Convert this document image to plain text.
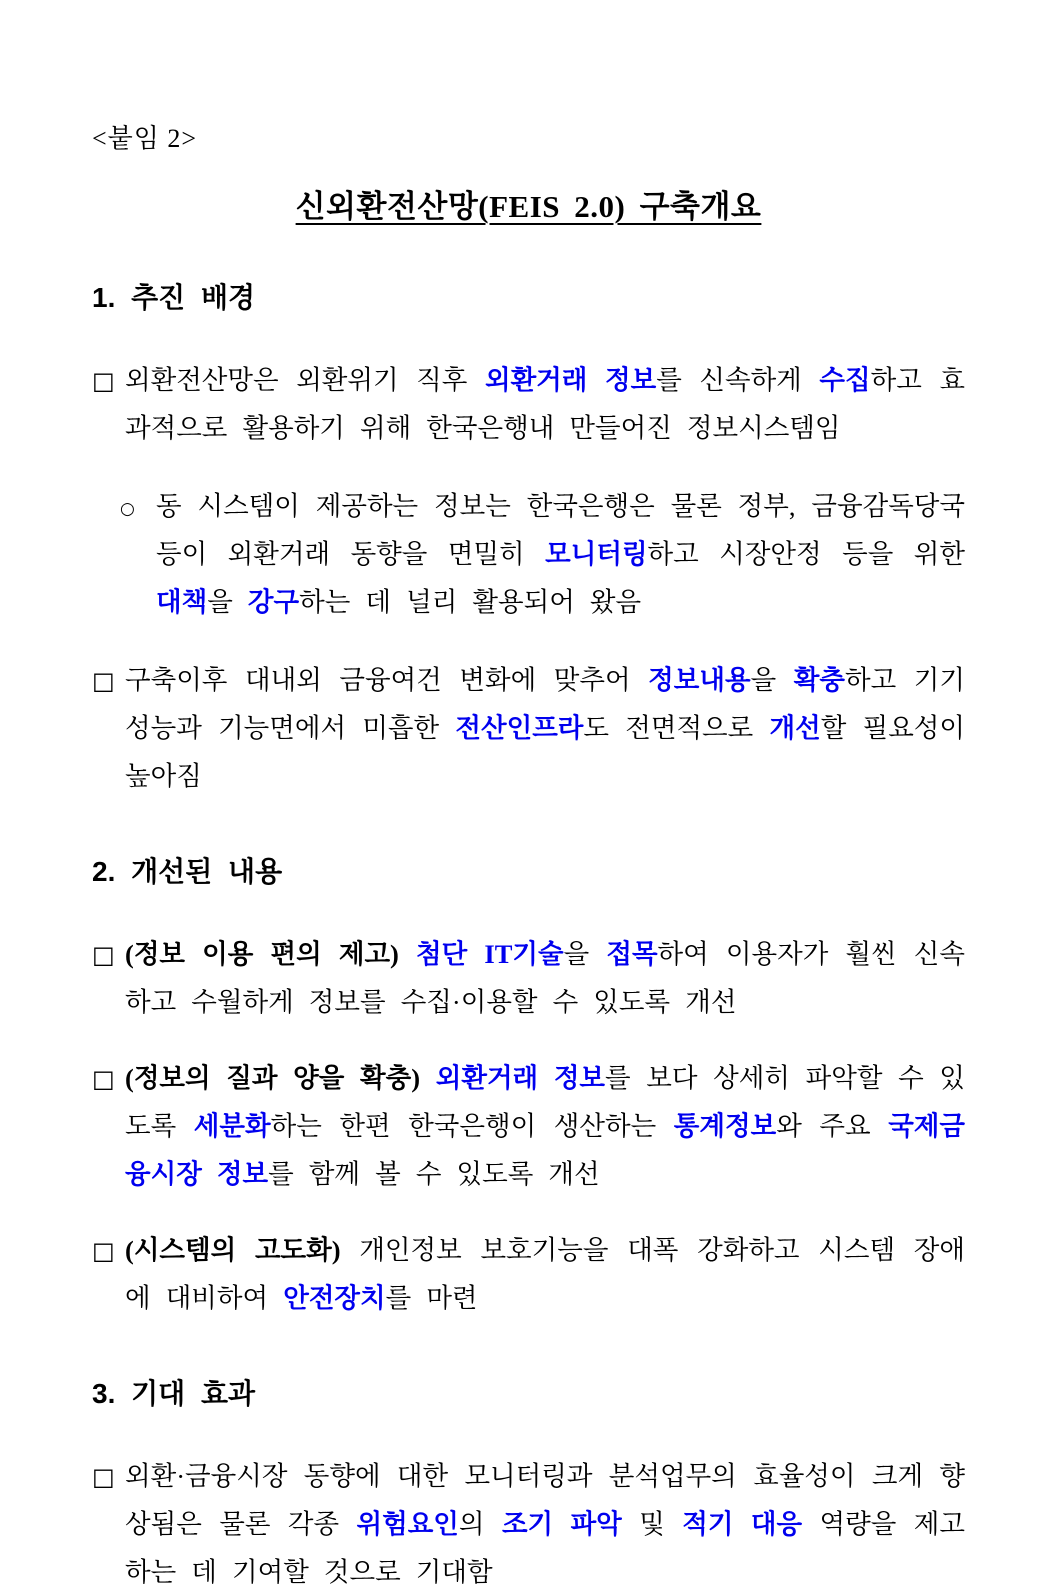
<붙임 2>
신외환전산망(FEIS 2.0) 구축개요
1. 추진 배경
□ 외환전산망은 외환위기 직후 외환거래 정보를 신속하게 수집하고 효과적으로 활용하기 위해 한국은행내 만들어진 정보시스템임
○ 동 시스템이 제공하는 정보는 한국은행은 물론 정부, 금융감독당국 등이 외환거래 동향을 면밀히 모니터링하고 시장안정 등을 위한 대책을 강구하는 데 널리 활용되어 왔음
□ 구축이후 대내외 금융여건 변화에 맞추어 정보내용을 확충하고 기기 성능과 기능면에서 미흡한 전산인프라도 전면적으로 개선할 필요성이 높아짐
2. 개선된 내용
□ (정보 이용 편의 제고) 첨단 IT기술을 접목하여 이용자가 훨씬 신속하고 수월하게 정보를 수집·이용할 수 있도록 개선
□ (정보의 질과 양을 확충) 외환거래 정보를 보다 상세히 파악할 수 있도록 세분화하는 한편 한국은행이 생산하는 통계정보와 주요 국제금융시장 정보를 함께 볼 수 있도록 개선
□ (시스템의 고도화) 개인정보 보호기능을 대폭 강화하고 시스템 장애에 대비하여 안전장치를 마련
3. 기대 효과
□ 외환·금융시장 동향에 대한 모니터링과 분석업무의 효율성이 크게 향상됨은 물론 각종 위험요인의 조기 파악 및 적기 대응 역량을 제고하는 데 기여할 것으로 기대함
